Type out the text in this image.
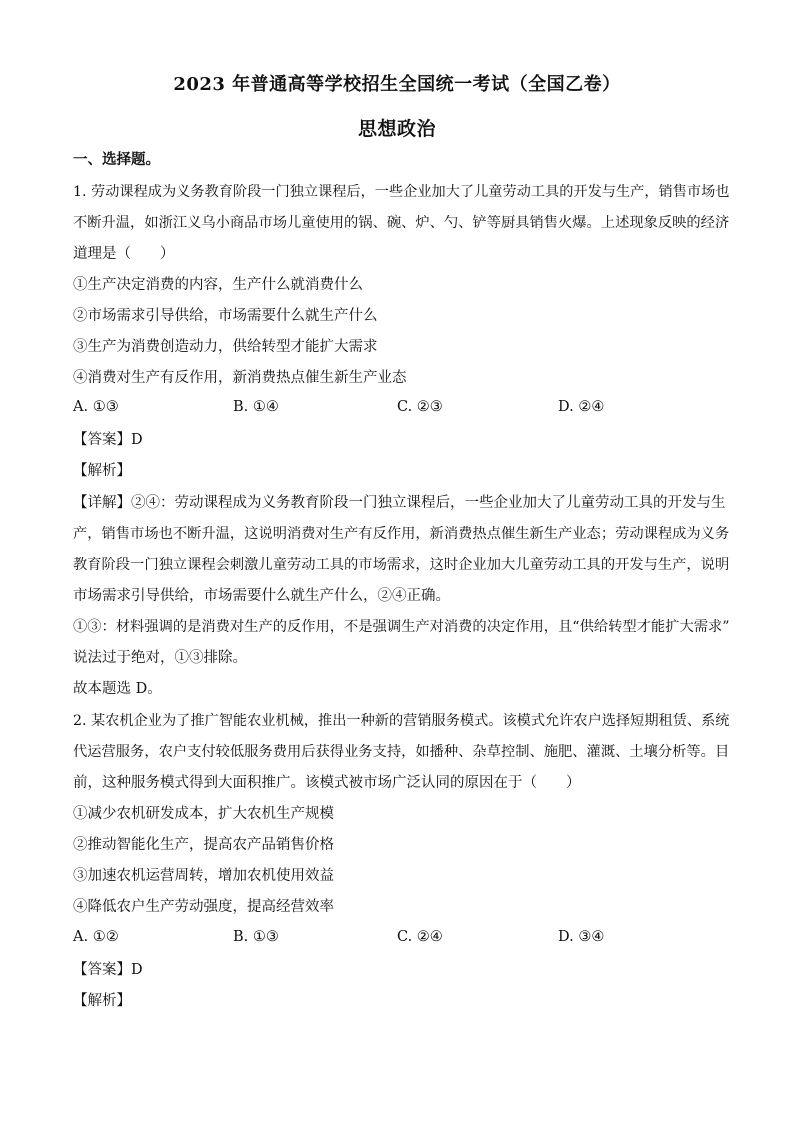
2023 年普通高等学校招生全国统一考试（全国乙卷）
思想政治
一、选择题。
1. 劳动课程成为义务教育阶段一门独立课程后，一些企业加大了儿童劳动工具的开发与生产，销售市场也
不断升温，如浙江义乌小商品市场儿童使用的锅、碗、炉、勺、铲等厨具销售火爆。上述现象反映的经济
道理是（　　）
①生产决定消费的内容，生产什么就消费什么
②市场需求引导供给，市场需要什么就生产什么
③生产为消费创造动力，供给转型才能扩大需求
④消费对生产有反作用，新消费热点催生新生产业态
A. ①③	B. ①④	C. ②③	D. ②④
【答案】D
【解析】
【详解】②④：劳动课程成为义务教育阶段一门独立课程后，一些企业加大了儿童劳动工具的开发与生
产，销售市场也不断升温，这说明消费对生产有反作用，新消费热点催生新生产业态；劳动课程成为义务
教育阶段一门独立课程会刺激儿童劳动工具的市场需求，这时企业加大儿童劳动工具的开发与生产，说明
市场需求引导供给，市场需要什么就生产什么，②④正确。
①③：材料强调的是消费对生产的反作用，不是强调生产对消费的决定作用，且“供给转型才能扩大需求”
说法过于绝对，①③排除。
故本题选 D。
2. 某农机企业为了推广智能农业机械，推出一种新的营销服务模式。该模式允许农户选择短期租赁、系统
代运营服务，农户支付较低服务费用后获得业务支持，如播种、杂草控制、施肥、灌溉、土壤分析等。目
前，这种服务模式得到大面积推广。该模式被市场广泛认同的原因在于（　　）
①减少农机研发成本，扩大农机生产规模
②推动智能化生产，提高农产品销售价格
③加速农机运营周转，增加农机使用效益
④降低农户生产劳动强度，提高经营效率
A. ①②	B. ①③	C. ②④	D. ③④
【答案】D
【解析】
